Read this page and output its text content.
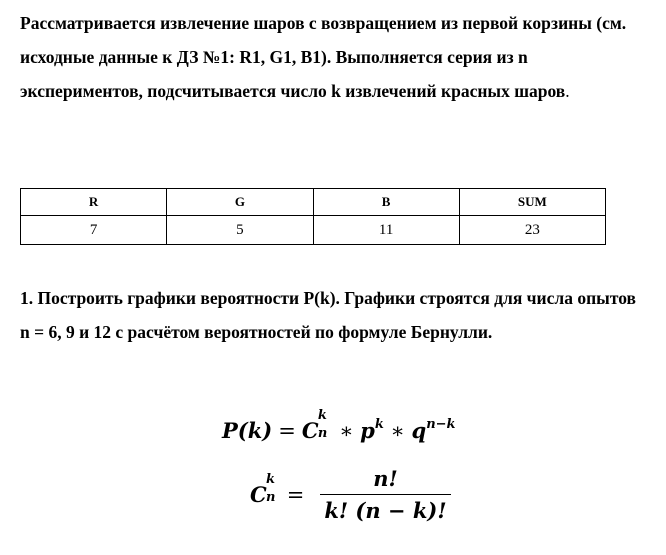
Рассматривается извлечение шаров с возвращением из первой корзины (см. исходные данные к ДЗ №1: R1, G1, B1). Выполняется серия из n экспериментов, подсчитывается число k извлечений красных шаров.
R	G	B	SUM
7	5	11	23
1. Построить графики вероятности P(k). Графики строятся для числа опытов n = 6, 9 и 12 с расчётом вероятностей по формуле Бернулли.
P(k) = C
k
n ∗ $p^k$ ∗ $q^{n-k}$
C
k
$n = \frac{n!}{k! (n - k)!}$
